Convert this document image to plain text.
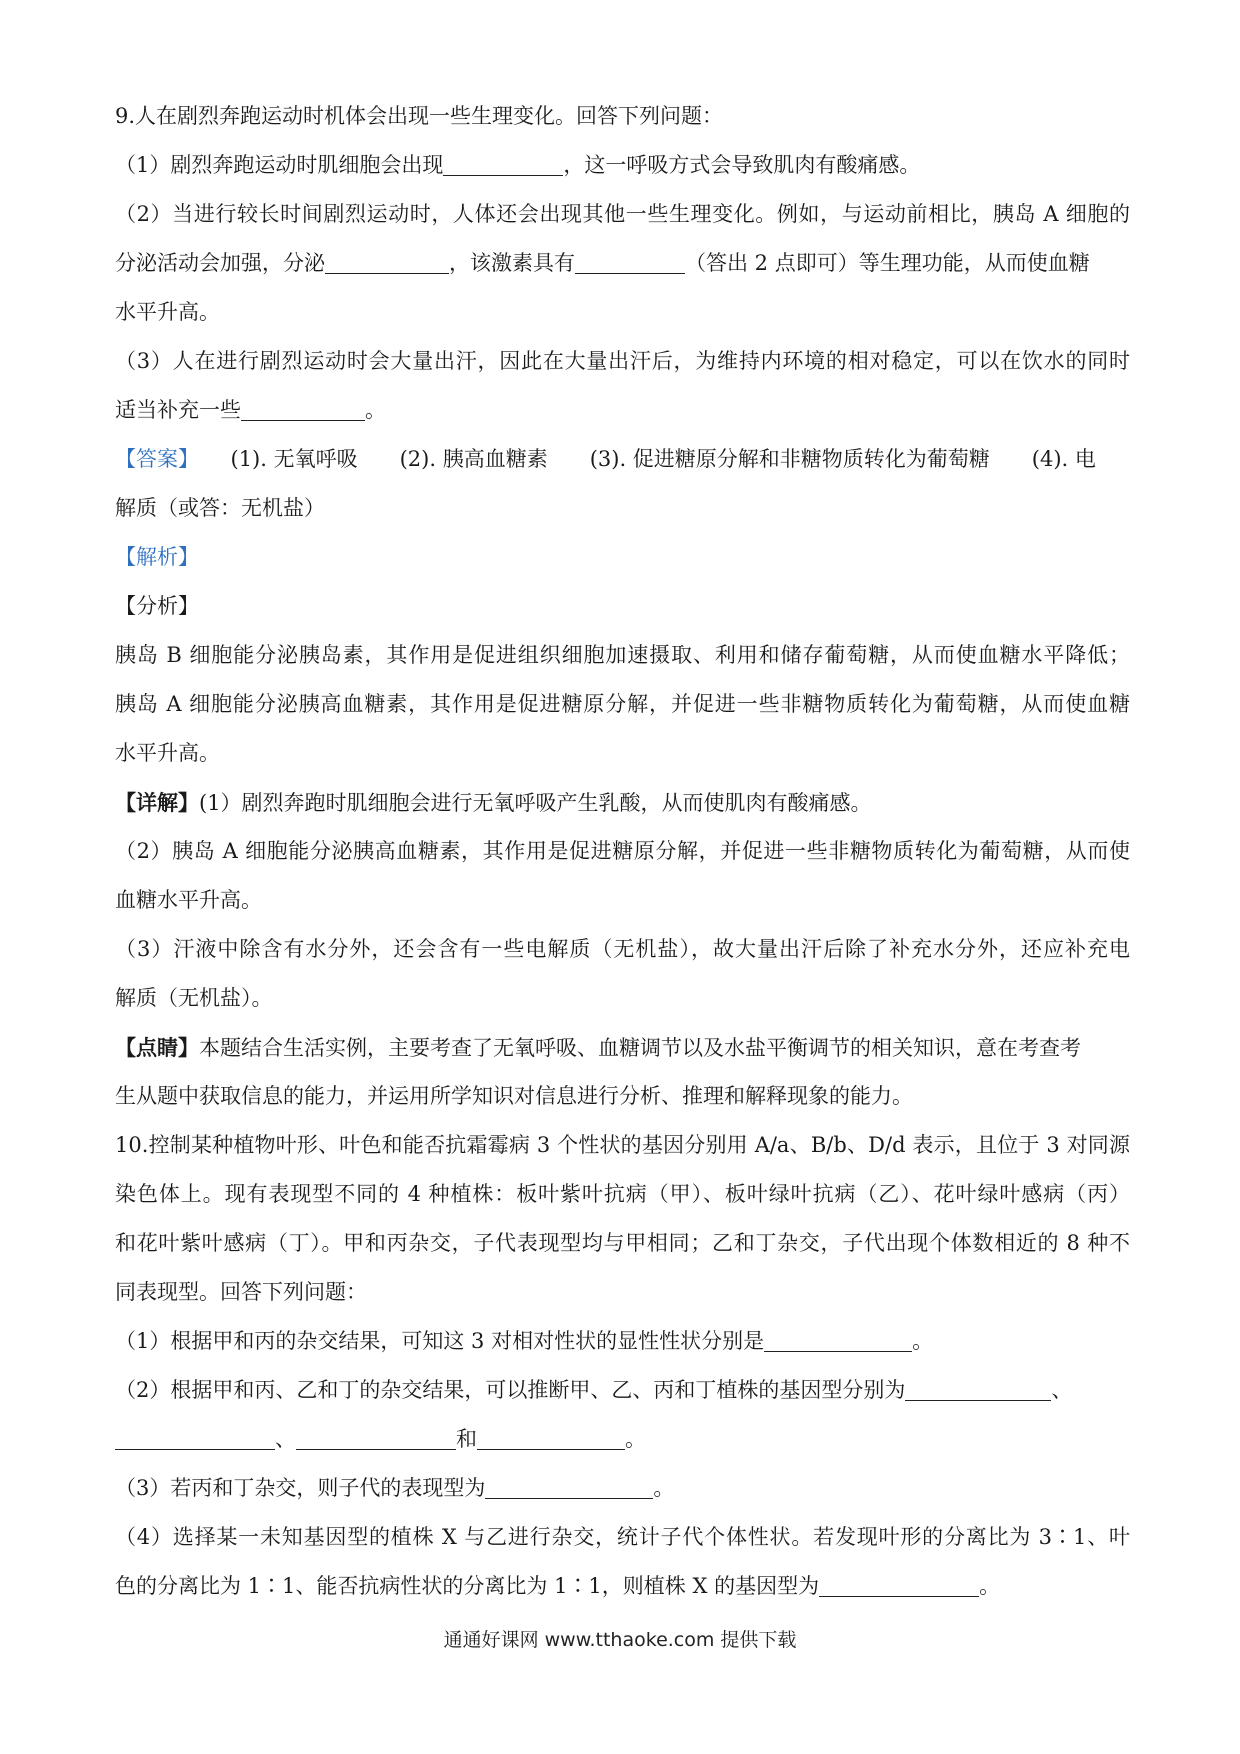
9.人在剧烈奔跑运动时机体会出现一些生理变化。回答下列问题：
（1）剧烈奔跑运动时肌细胞会出现	，这一呼吸方式会导致肌肉有酸痛感。
（2）当进行较长时间剧烈运动时，人体还会出现其他一些生理变化。例如，与运动前相比，胰岛 A 细胞的
分泌活动会加强，分泌	，该激素具有	（答出 2 点即可）等生理功能，从而使血糖
水平升高。
（3）人在进行剧烈运动时会大量出汗，因此在大量出汗后，为维持内环境的相对稳定，可以在饮水的同时
适当补充一些	。
【答案】　　 (1). 无氧呼吸　　(2). 胰高血糖素　　(3). 促进糖原分解和非糖物质转化为葡萄糖　　(4). 电
解质（或答：无机盐）
【解析】
【分析】
胰岛 B 细胞能分泌胰岛素，其作用是促进组织细胞加速摄取、利用和储存葡萄糖，从而使血糖水平降低；
胰岛 A 细胞能分泌胰高血糖素，其作用是促进糖原分解，并促进一些非糖物质转化为葡萄糖，从而使血糖
水平升高。
【详解】(1）剧烈奔跑时肌细胞会进行无氧呼吸产生乳酸，从而使肌肉有酸痛感。
（2）胰岛 A 细胞能分泌胰高血糖素，其作用是促进糖原分解，并促进一些非糖物质转化为葡萄糖，从而使
血糖水平升高。
（3）汗液中除含有水分外，还会含有一些电解质（无机盐），故大量出汗后除了补充水分外，还应补充电
解质（无机盐）。
【点睛】本题结合生活实例，主要考查了无氧呼吸、血糖调节以及水盐平衡调节的相关知识，意在考查考
生从题中获取信息的能力，并运用所学知识对信息进行分析、推理和解释现象的能力。
10.控制某种植物叶形、叶色和能否抗霜霉病 3 个性状的基因分别用 A/a、B/b、D/d 表示，且位于 3 对同源
染色体上。现有表现型不同的 4 种植株：板叶紫叶抗病（甲）、板叶绿叶抗病（乙）、花叶绿叶感病（丙）
和花叶紫叶感病（丁）。甲和丙杂交，子代表现型均与甲相同；乙和丁杂交，子代出现个体数相近的 8 种不
同表现型。回答下列问题：
（1）根据甲和丙的杂交结果，可知这 3 对相对性状的显性性状分别是	。
（2）根据甲和丙、乙和丁的杂交结果，可以推断甲、乙、丙和丁植株的基因型分别为	、
、	和	。
（3）若丙和丁杂交，则子代的表现型为	。
（4）选择某一未知基因型的植株 X 与乙进行杂交，统计子代个体性状。若发现叶形的分离比为 3∶1、叶
色的分离比为 1∶1、能否抗病性状的分离比为 1∶1，则植株 X 的基因型为	。
通通好课网 www.tthaoke.com 提供下载
